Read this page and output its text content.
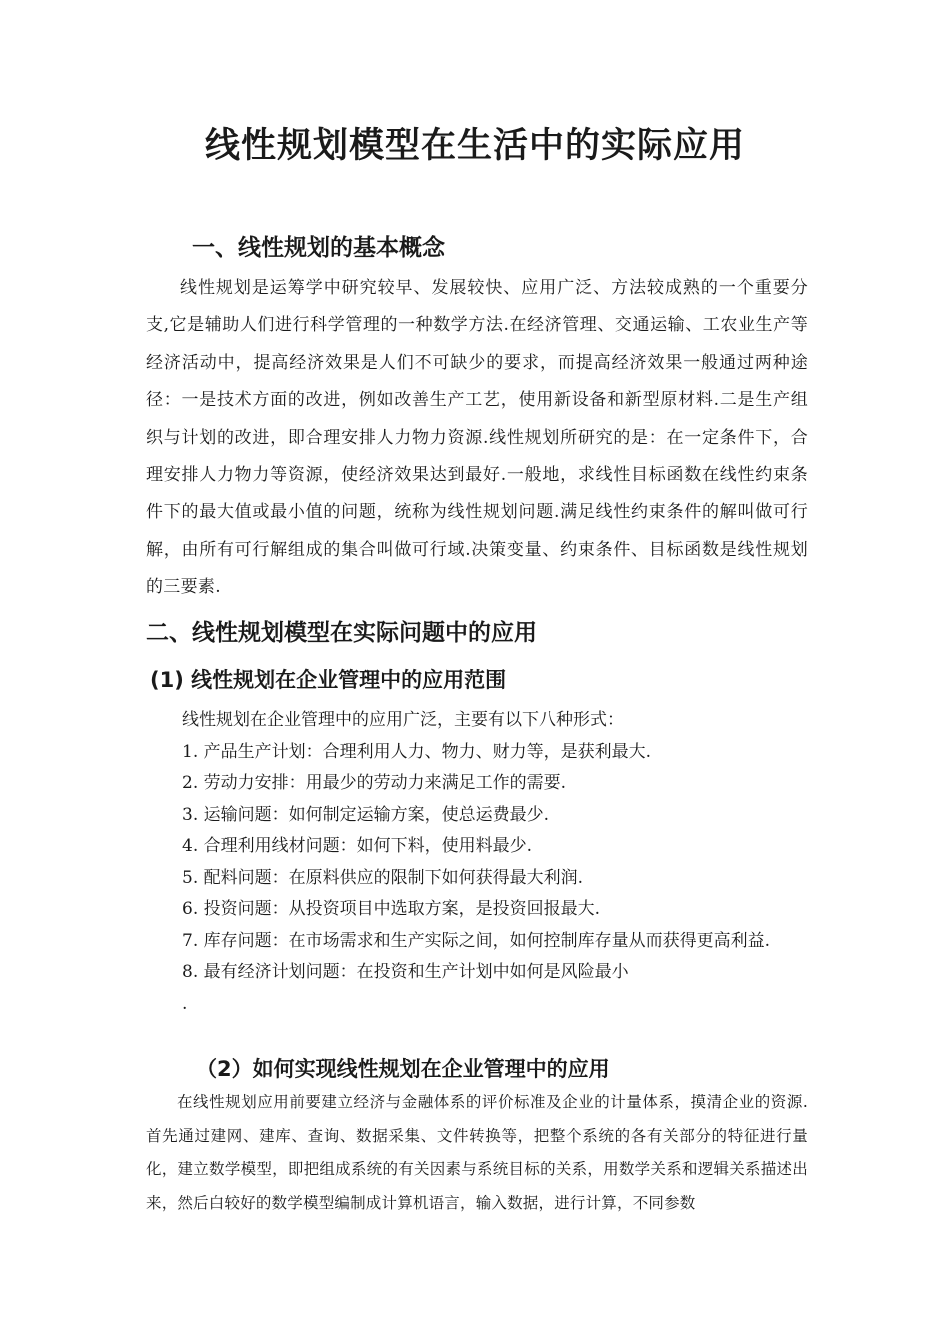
线性规划模型在生活中的实际应用
一、线性规划的基本概念

线性规划是运筹学中研究较早、发展较快、应用广泛、方法较成熟的一个重要分支,它是辅助人们进行科学管理的一种数学方法.在经济管理、交通运输、工农业生产等经济活动中，提高经济效果是人们不可缺少的要求，而提高经济效果一般通过两种途径：一是技术方面的改进，例如改善生产工艺，使用新设备和新型原材料.二是生产组织与计划的改进，即合理安排人力物力资源.线性规划所研究的是：在一定条件下，合理安排人力物力等资源，使经济效果达到最好.一般地，求线性目标函数在线性约束条件下的最大值或最小值的问题，统称为线性规划问题.满足线性约束条件的解叫做可行解，由所有可行解组成的集合叫做可行域.决策变量、约束条件、目标函数是线性规划的三要素.

二、线性规划模型在实际问题中的应用
(1) 线性规划在企业管理中的应用范围
线性规划在企业管理中的应用广泛，主要有以下八种形式：
1. 产品生产计划：合理利用人力、物力、财力等，是获利最大.
2. 劳动力安排：用最少的劳动力来满足工作的需要.
3. 运输问题：如何制定运输方案，使总运费最少.
4. 合理利用线材问题：如何下料，使用料最少.
5. 配料问题：在原料供应的限制下如何获得最大利润.
6. 投资问题：从投资项目中选取方案，是投资回报最大.
7. 库存问题：在市场需求和生产实际之间，如何控制库存量从而获得更高利益.
8. 最有经济计划问题：在投资和生产计划中如何是风险最小
.
（2）如何实现线性规划在企业管理中的应用

在线性规划应用前要建立经济与金融体系的评价标准及企业的计量体系，摸清企业的资源.首先通过建网、建库、查询、数据采集、文件转换等，把整个系统的各有关部分的特征进行量化，建立数学模型，即把组成系统的有关因素与系统目标的关系，用数学关系和逻辑关系描述出来，然后白较好的数学模型编制成计算机语言，输入数据，进行计算，不同参数
